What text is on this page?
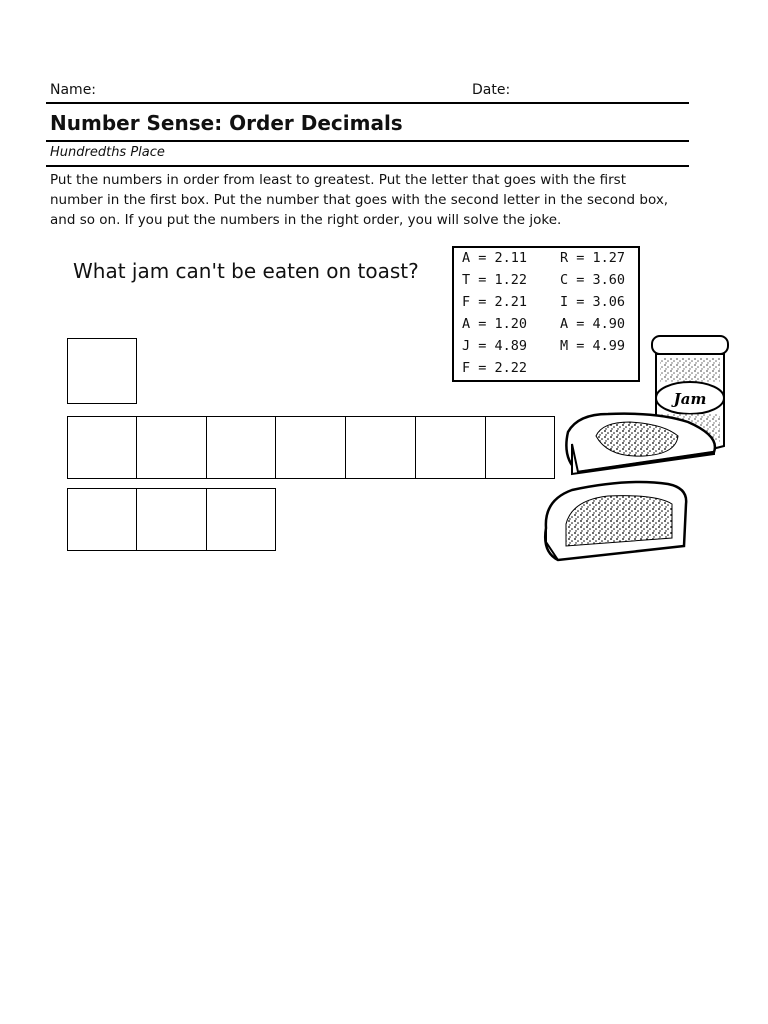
Name:	Date:
Number Sense: Order Decimals
Hundredths Place
Put the numbers in order from least to greatest. Put the letter that goes with the first
number in the first box. Put the number that goes with the second letter in the second box,
and so on. If you put the numbers in the right order, you will solve the joke.
What jam can't be eaten on toast?
A = 2.11
T = 1.22
F = 2.21
A = 1.20
J = 4.89
F = 2.22
R = 1.27
C = 3.60
I = 3.06
A = 4.90
M = 4.99
Jam
